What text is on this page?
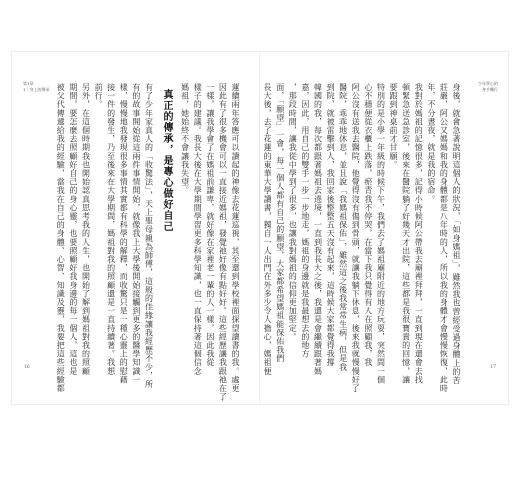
第1章
1｜身上的傳承	蓮續兩年答應可以讀起的神像去花蓮巡視，其至還到學校裡面探望讀書的我。處更
因此有了很多機會可以一直接近媽祖，發覺祂好像有點好好。這些經歷讓我跟祂在了
一樣，讓我學會了在媽祖前謙卑，就好像在家裡老一輩的人一樣，因此我從
樣子的建議。我長大後在大學期間學習更多科學知識，也一直保持著這個信念
媽祖，她始終不會讓我失望。
真正的傳承，是專心做好自己
有了少年家真人的「收驚法」，天上聖母親為師傅，這般的佳緣讓我經歷不少，所
有的故事開始從這兩件事情開始，就像我上大學後開始接觸到更多的醫學知識一
樣，慢慢地我發現很多事情其實都有科學的解釋，而收驚只是一種心靈上的慰藉
接一件的發生，乃至後來在大學期間，媽祖對我的照顧還是一直持續著。我想
前行。
另外，在這個時期我也開始認真思考我的人生，也開始了解到媽祖對我的照顧
期間，要怎麼去照顧好自己的身心靈，也要照顧好我身邊的每一個人，這也是
被父代傳遞給我的經驗，當我在自己的身體、心智、知識及靈，我要把這些經驗都
16
少年學心的
身手轉行
身後，就會急著說明這個人的狀況，「如身媽祖」，雖然我也曾經受過身體上的苦
莊嚴，阿公又媽媽和我的身體都是八年時的人，所以我的身體才會慢慢恢復，此時
年，不分晝夜，就是我的宿命。
我對於媽祖的記憶很多，記得小時候阿公帶我去廟裡拜拜，一直到現在還會去找
頓緊急送急診室，後來在醫院躺了好幾天才出院，這些都是我很寶貴的回憶，讓
要跟到神桌前才甘願。
特別的是小學一年級的時候下午，我們去了媽祖廟附近的地方玩耍，突然間一個
心不穩便從衣櫃上跌落，瘀青我不停哭，在當下我只覺得有人在照顧我，我
阿公沒有送我去醫院，他覺得沒有傷到骨頭，就讓我躺下休息，後來我就慢慢好了
醫院，乖乖地休息，並且說「我媽祖保佑」，雖然這之後我常常生病，但是我
到院，就被雷擊到人，我回家後整整五天沒有起來，這時候大家都覺得我撐
韓國的我，每次都跟著媽祖去遶境，一直到我長大之後，我還是會繼續跟著媽
嘉，因此，用自己的雙手一步一步地走，媽祖的身邊就是我最想去的地方
，那段時間，讓我從中學到了很多，也讓我對媽祖的信仰更加堅定。
面，「願望」一會，每一個人都有自己的願望，大家都希望媽祖能保佑我們
長大後，去了花蓮的東華大學讀書，獨自一人出門在外多少令人擔心，媽祖便	17
